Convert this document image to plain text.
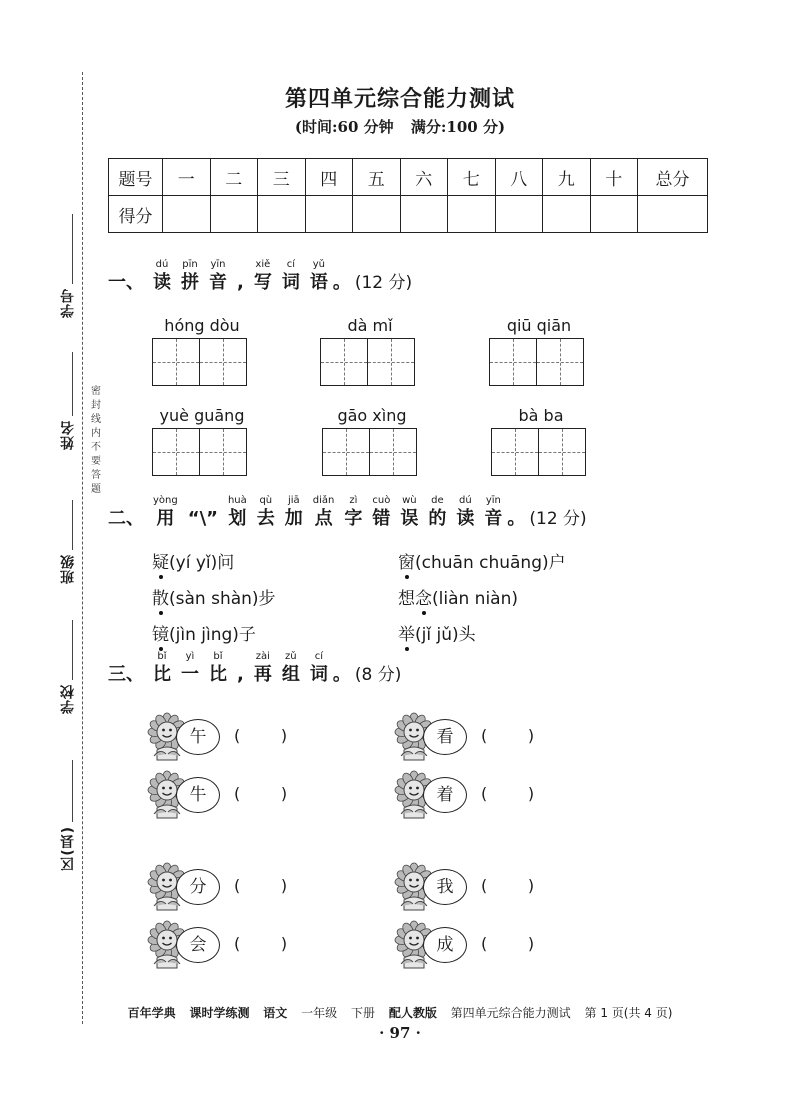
密
封
线
内
不
要
答
题
学号
姓名
班级
学校
区(县)
第四单元综合能力测试
(时间:60 分钟 满分:100 分)
题号	一	二	三	四	五	六	七	八	九	十	总分
得分											
一、
dú
读
pīn
拼
yīn
音 ,
xiě
写
cí
词
yǔ
语 。 (12 分)
hóng dòu	dà mǐ	qiū qiān
yuè guāng	gāo xìng	bà ba
二、
yòng
用 “\”
huà
划
qù
去
jiā
加
diǎn
点
zì
字
cuò
错
wù
误
de
的
dú
读
yīn
音 。 (12 分)
疑(yí yǐ)问	窗(chuān chuāng)户
散(sàn shàn)步	想念(liàn niàn)
镜(jìn jìng)子	举(jǐ jǔ)头
三、
bǐ
比
yì
一
bǐ
比 ,
zài
再
zǔ
组
cí
词 。 (8 分)
午	(        )	看	(        )
牛	(        )	着	(        )
分	(        )	我	(        )
会	(        )	成	(        )
百年学典 课时学练测 语文 一年级 下册 配人教版 第四单元综合能力测试 第 1 页(共 4 页)
· 97 ·
